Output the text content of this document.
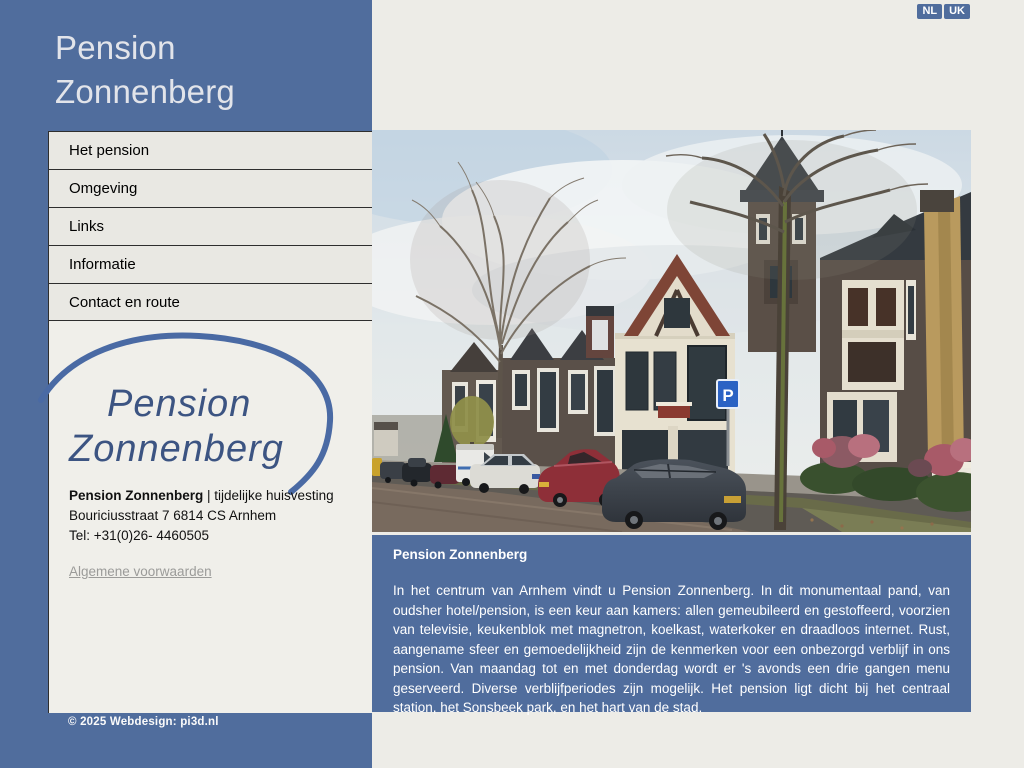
Pension
Zonnenberg
Het pension
Omgeving
Links
Informatie
Contact en route
Pension
Zonnenberg
Pension Zonnenberg | tijdelijke huisvesting
Bouriciusstraat 7 6814 CS Arnhem
Tel: +31(0)26- 4460505
Algemene voorwaarden
© 2025 Webdesign: pi3d.nl
NL	UK
P
Pension Zonnenberg
In het centrum van Arnhem vindt u Pension Zonnenberg. In dit monumentaal pand, van oudsher hotel/pension, is een keur aan kamers: allen gemeubileerd en gestoffeerd, voorzien van televisie, keukenblok met magnetron, koelkast, waterkoker en draadloos internet. Rust, aangename sfeer en gemoedelijkheid zijn de kenmerken voor een onbezorgd verblijf in ons pension. Van maandag tot en met donderdag wordt er 's avonds een drie gangen menu geserveerd. Diverse verblijfperiodes zijn mogelijk. Het pension ligt dicht bij het centraal station, het Sonsbeek park, en het hart van de stad.
